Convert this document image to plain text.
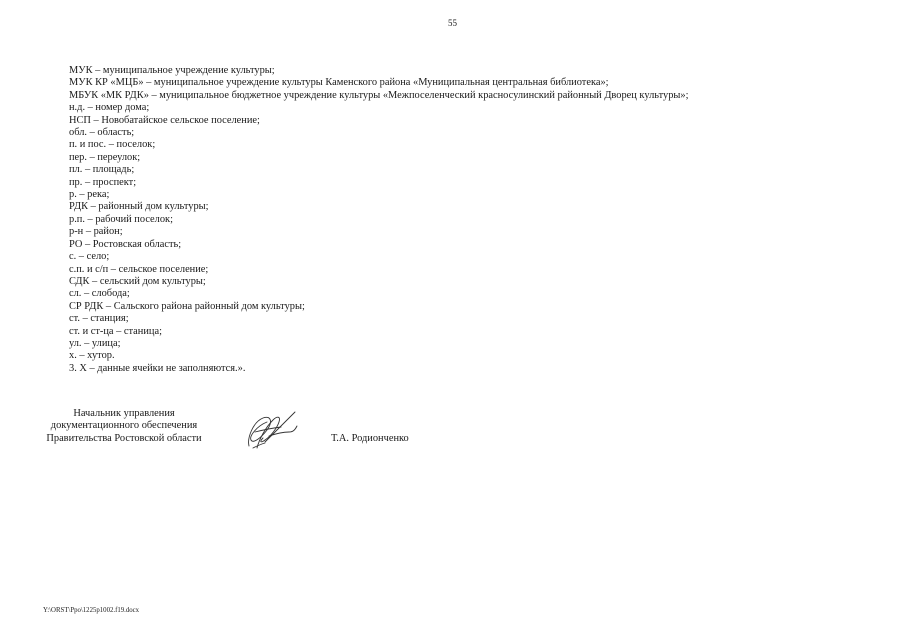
55
МУК – муниципальное учреждение культуры;
МУК КР «МЦБ» – муниципальное учреждение культуры Каменского района «Муниципальная центральная библиотека»;
МБУК «МК РДК» – муниципальное бюджетное учреждение культуры «Межпоселенческий красносулинский районный Дворец культуры»;
н.д. – номер дома;
НСП – Новобатайское сельское поселение;
обл. – область;
п. и пос. – поселок;
пер. – переулок;
пл. – площадь;
пр. – проспект;
р. – река;
РДК – районный дом культуры;
р.п. – рабочий поселок;
р-н – район;
РО – Ростовская область;
с. – село;
с.п. и с/п – сельское поселение;
СДК – сельский дом культуры;
сл. – слобода;
СР РДК – Сальского района районный дом культуры;
ст. – станция;
ст. и ст-ца – станица;
ул. – улица;
х. – хутор.
3. Х – данные ячейки не заполняются.».
Начальник управления
документационного обеспечения
Правительства Ростовской области	Т.А. Родионченко
Y:\ORST\Ppo\1225p1002.f19.docx
